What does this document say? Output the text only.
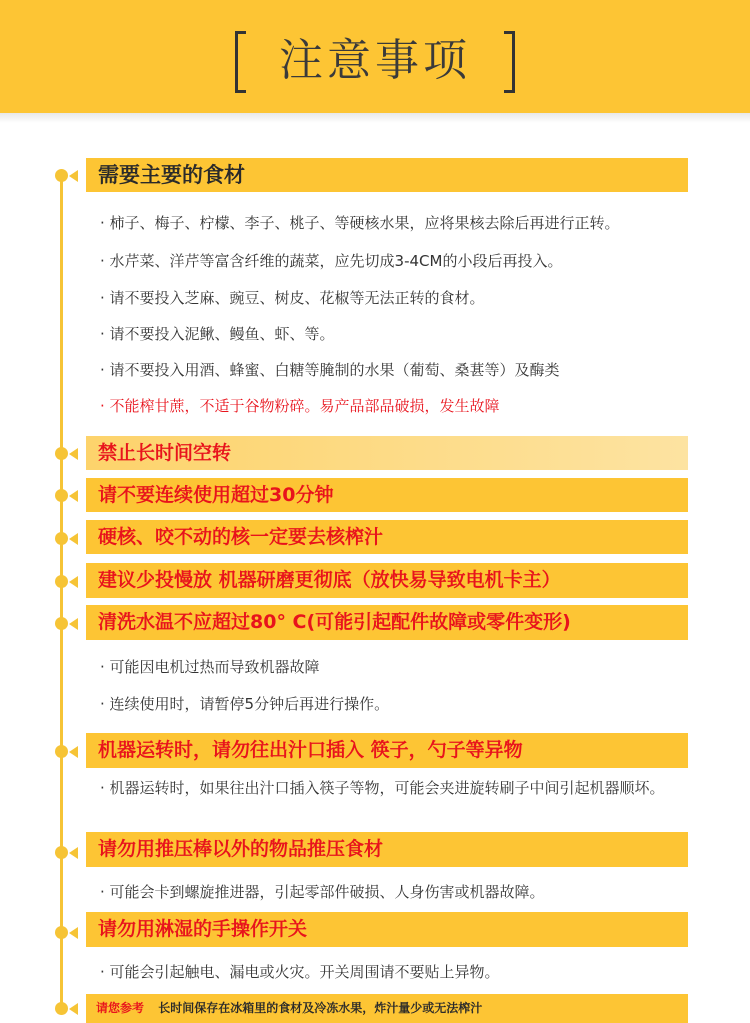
注意事项
需要主要的食材
· 柿子、梅子、柠檬、李子、桃子、等硬核水果，应将果核去除后再进行正转。
· 水芹菜、洋芹等富含纤维的蔬菜，应先切成3-4CM的小段后再投入。
· 请不要投入芝麻、豌豆、树皮、花椒等无法正转的食材。
· 请不要投入泥鳅、鳗鱼、虾、等。
· 请不要投入用酒、蜂蜜、白糖等腌制的水果（葡萄、桑葚等）及酶类
· 不能榨甘蔗，不适于谷物粉碎。易产品部品破损，发生故障
禁止长时间空转
请不要连续使用超过30分钟
硬核、咬不动的核一定要去核榨汁
建议少投慢放 机器研磨更彻底（放快易导致电机卡主）
清洗水温不应超过80° C(可能引起配件故障或零件变形)
· 可能因电机过热而导致机器故障
· 连续使用时，请暂停5分钟后再进行操作。
机器运转时，请勿往出汁口插入 筷子，勺子等异物
· 机器运转时，如果往出汁口插入筷子等物，可能会夹进旋转刷子中间引起机器顺坏。
请勿用推压棒以外的物品推压食材
· 可能会卡到螺旋推进器，引起零部件破损、人身伤害或机器故障。
请勿用淋湿的手操作开关
· 可能会引起触电、漏电或火灾。开关周围请不要贴上异物。
请您参考 长时间保存在冰箱里的食材及冷冻水果，炸汁量少或无法榨汁
